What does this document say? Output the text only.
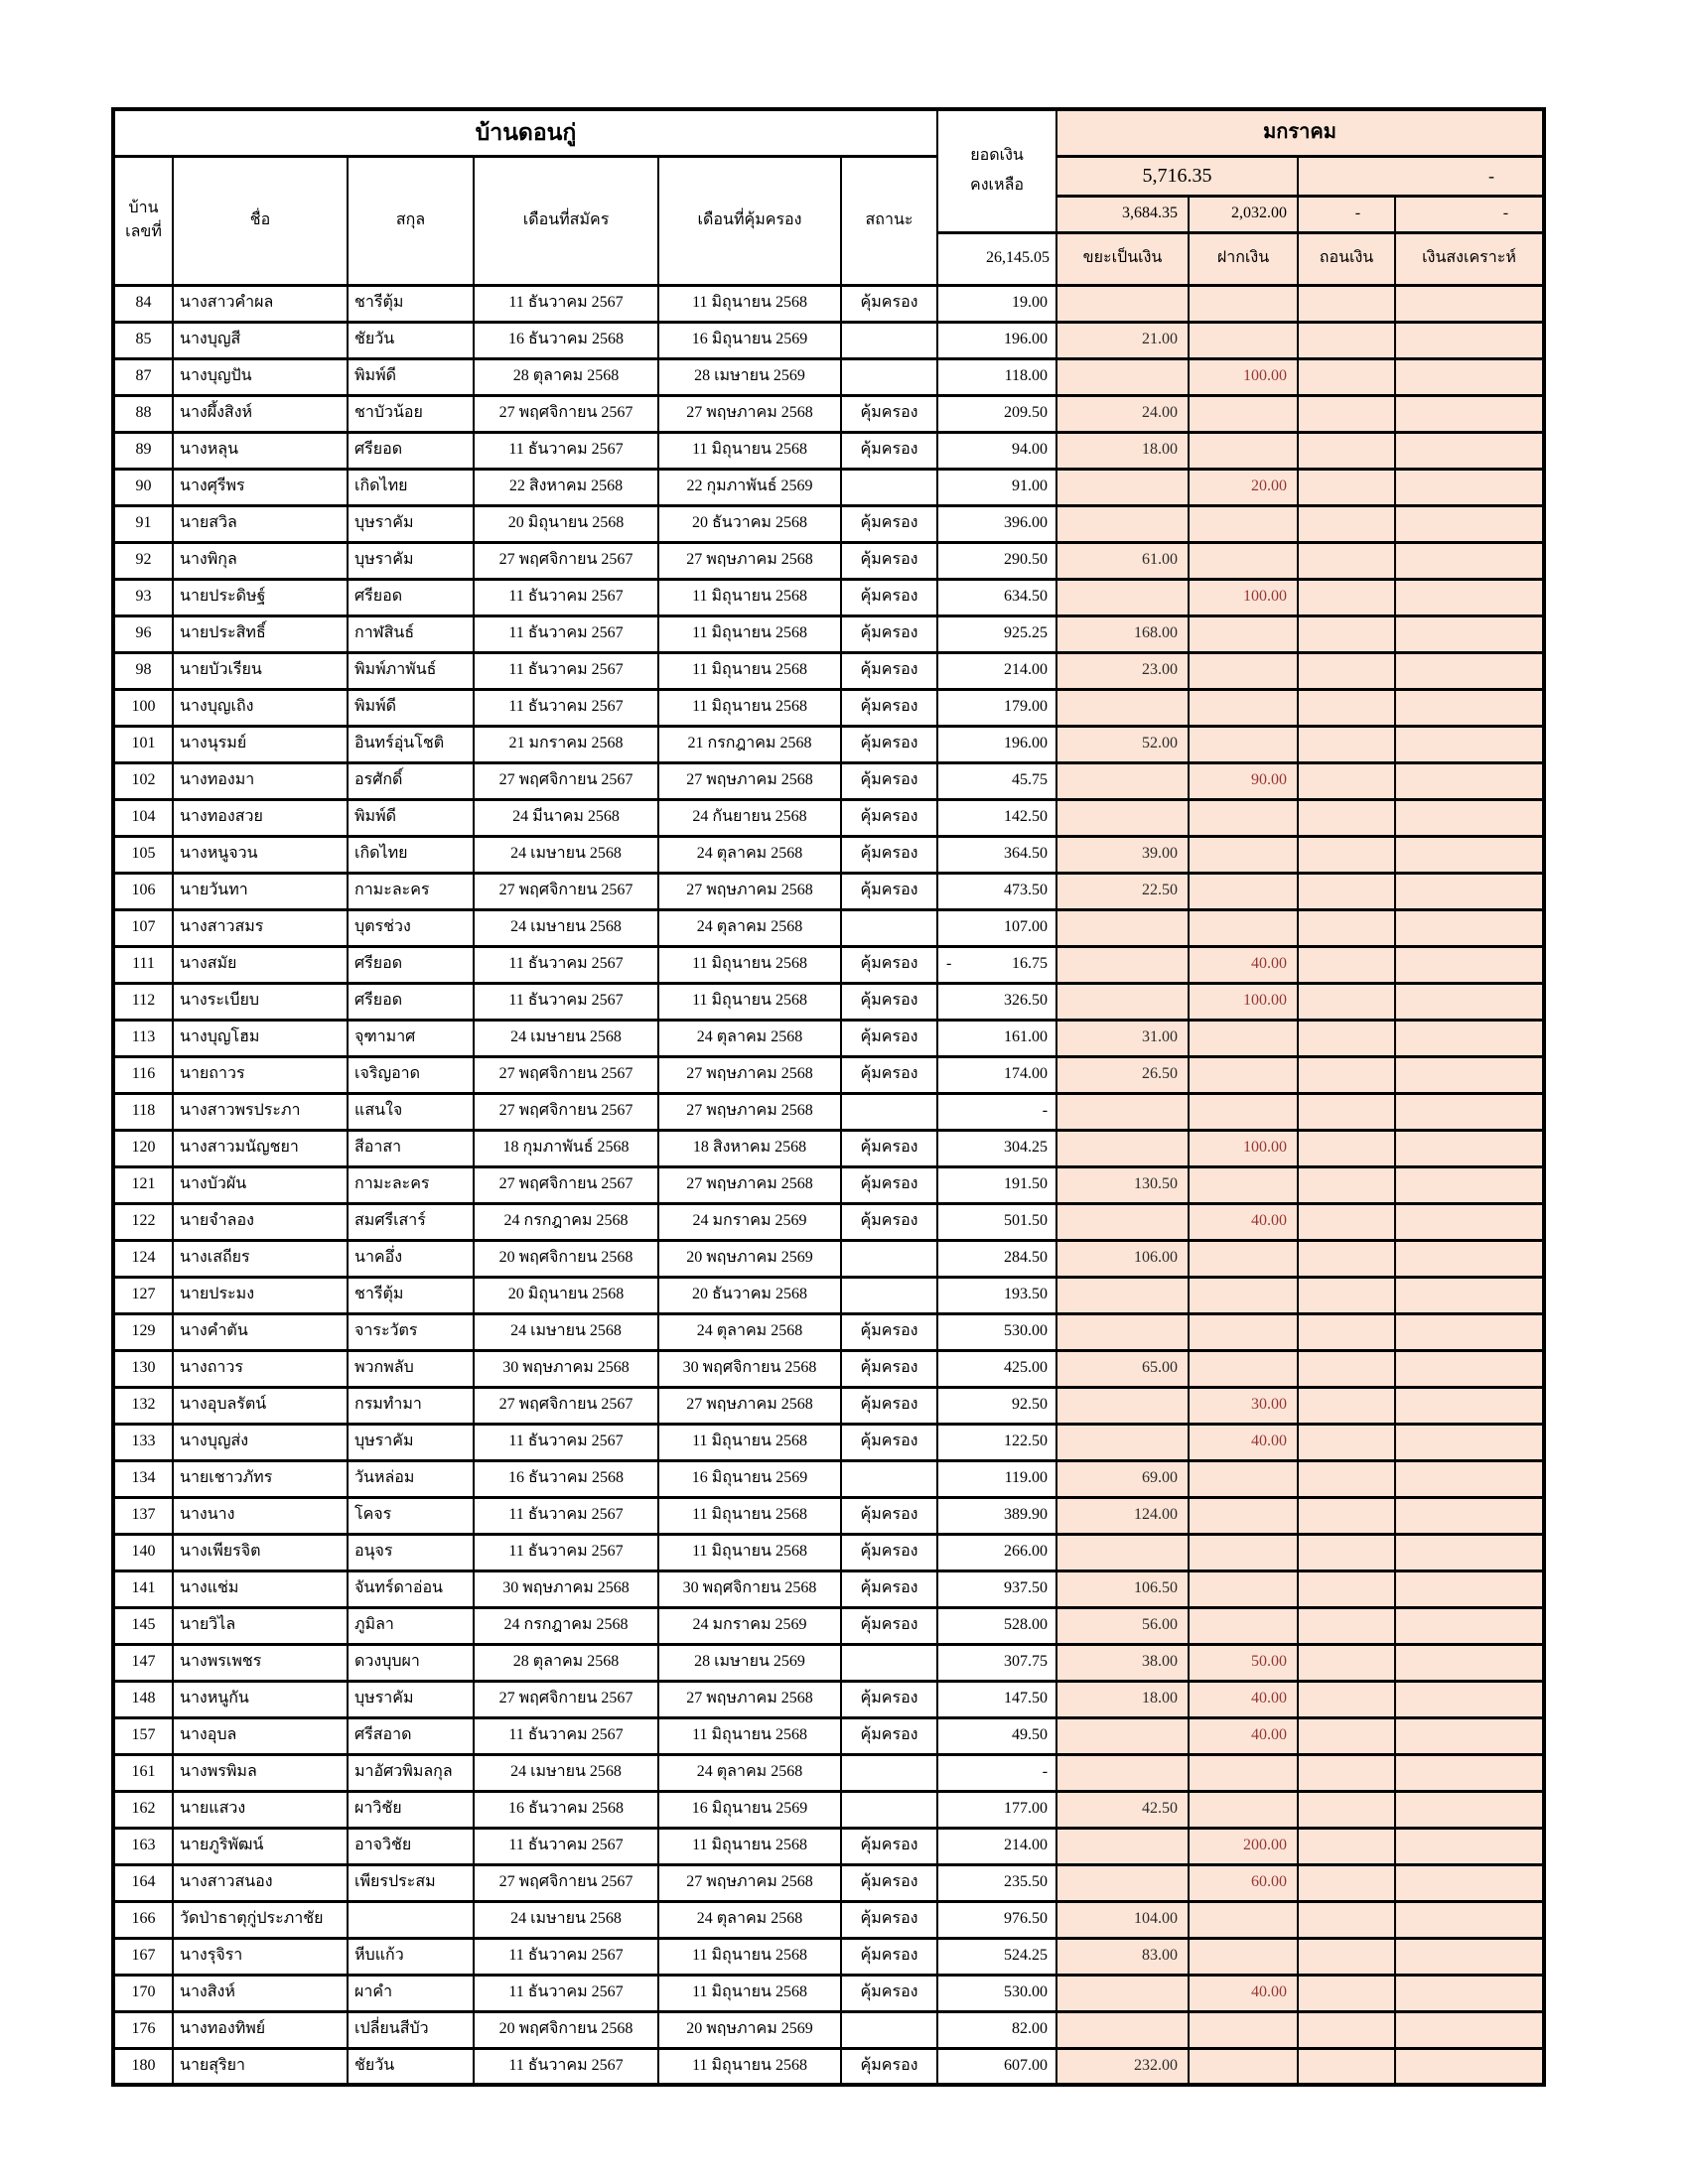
บ้านดอนกู่						ยอดเงิน
คงเหลือ	มกราคม			

บ้าน
เลขที่	ชื่อ	สกุล	เดือนที่สมัคร	เดือนที่คุ้มครอง	สถานะ		5,716.35		-	
							3,684.35	2,032.00	-	-
						26,145.05	ขยะเป็นเงิน	ฝากเงิน	ถอนเงิน	เงินสงเคราะห์
84	นางสาวคำผล	ชารีตุ้ม	11 ธันวาคม 2567	11 มิถุนายน 2568	คุ้มครอง	19.00				
85	นางบุญสี	ชัยวัน	16 ธันวาคม 2568	16 มิถุนายน 2569		196.00	21.00			
87	นางบุญปัน	พิมพ์ดี	28 ตุลาคม 2568	28 เมษายน 2569		118.00		100.00		
88	นางผึ้งสิงห์	ชาบัวน้อย	27 พฤศจิกายน 2567	27 พฤษภาคม 2568	คุ้มครอง	209.50	24.00			
89	นางหลุน	ศรียอด	11 ธันวาคม 2567	11 มิถุนายน 2568	คุ้มครอง	94.00	18.00			
90	นางศุรีพร	เกิดไทย	22 สิงหาคม 2568	22 กุมภาพันธ์ 2569		91.00		20.00		
91	นายสวิล	บุษราคัม	20 มิถุนายน 2568	20 ธันวาคม 2568	คุ้มครอง	396.00				
92	นางพิกุล	บุษราคัม	27 พฤศจิกายน 2567	27 พฤษภาคม 2568	คุ้มครอง	290.50	61.00			
93	นายประดิษฐ์	ศรียอด	11 ธันวาคม 2567	11 มิถุนายน 2568	คุ้มครอง	634.50		100.00		
96	นายประสิทธิ์	กาฬสินธ์	11 ธันวาคม 2567	11 มิถุนายน 2568	คุ้มครอง	925.25	168.00			
98	นายบัวเรียน	พิมพ์ภาพันธ์	11 ธันวาคม 2567	11 มิถุนายน 2568	คุ้มครอง	214.00	23.00			
100	นางบุญเถิง	พิมพ์ดี	11 ธันวาคม 2567	11 มิถุนายน 2568	คุ้มครอง	179.00				
101	นางนุรมย์	อินทร์อุ่นโชติ	21 มกราคม 2568	21 กรกฎาคม 2568	คุ้มครอง	196.00	52.00			
102	นางทองมา	อรศักดิ์	27 พฤศจิกายน 2567	27 พฤษภาคม 2568	คุ้มครอง	45.75		90.00		
104	นางทองสวย	พิมพ์ดี	24 มีนาคม 2568	24 กันยายน 2568	คุ้มครอง	142.50				
105	นางหนูจวน	เกิดไทย	24 เมษายน 2568	24 ตุลาคม 2568	คุ้มครอง	364.50	39.00			
106	นายวันทา	กามะละคร	27 พฤศจิกายน 2567	27 พฤษภาคม 2568	คุ้มครอง	473.50	22.50			
107	นางสาวสมร	บุตรช่วง	24 เมษายน 2568	24 ตุลาคม 2568		107.00				
111	นางสมัย	ศรียอด	11 ธันวาคม 2567	11 มิถุนายน 2568	คุ้มครอง	- 16.75		40.00		
112	นางระเบียบ	ศรียอด	11 ธันวาคม 2567	11 มิถุนายน 2568	คุ้มครอง	326.50		100.00		
113	นางบุญโฮม	จุฑามาศ	24 เมษายน 2568	24 ตุลาคม 2568	คุ้มครอง	161.00	31.00			
116	นายถาวร	เจริญอาด	27 พฤศจิกายน 2567	27 พฤษภาคม 2568	คุ้มครอง	174.00	26.50			
118	นางสาวพรประภา	แสนใจ	27 พฤศจิกายน 2567	27 พฤษภาคม 2568		-				
120	นางสาวมนัญชยา	สีอาสา	18 กุมภาพันธ์ 2568	18 สิงหาคม 2568	คุ้มครอง	304.25		100.00		
121	นางบัวผัน	กามะละคร	27 พฤศจิกายน 2567	27 พฤษภาคม 2568	คุ้มครอง	191.50	130.50			
122	นายจำลอง	สมศรีเสาร์	24 กรกฎาคม 2568	24 มกราคม 2569	คุ้มครอง	501.50		40.00		
124	นางเสถียร	นาคอึ่ง	20 พฤศจิกายน 2568	20 พฤษภาคม 2569		284.50	106.00			
127	นายประมง	ชารีตุ้ม	20 มิถุนายน 2568	20 ธันวาคม 2568		193.50				
129	นางคำตัน	จาระวัตร	24 เมษายน 2568	24 ตุลาคม 2568	คุ้มครอง	530.00				
130	นางถาวร	พวกพลับ	30 พฤษภาคม 2568	30 พฤศจิกายน 2568	คุ้มครอง	425.00	65.00			
132	นางอุบลรัตน์	กรมทำมา	27 พฤศจิกายน 2567	27 พฤษภาคม 2568	คุ้มครอง	92.50		30.00		
133	นางบุญส่ง	บุษราคัม	11 ธันวาคม 2567	11 มิถุนายน 2568	คุ้มครอง	122.50		40.00		
134	นายเชาวภัทร	วันหล่อม	16 ธันวาคม 2568	16 มิถุนายน 2569		119.00	69.00			
137	นางนาง	โคจร	11 ธันวาคม 2567	11 มิถุนายน 2568	คุ้มครอง	389.90	124.00			
140	นางเพียรจิต	อนุจร	11 ธันวาคม 2567	11 มิถุนายน 2568	คุ้มครอง	266.00				
141	นางแช่ม	จันทร์ดาอ่อน	30 พฤษภาคม 2568	30 พฤศจิกายน 2568	คุ้มครอง	937.50	106.50			
145	นายวิไล	ภูมิลา	24 กรกฎาคม 2568	24 มกราคม 2569	คุ้มครอง	528.00	56.00			
147	นางพรเพชร	ดวงบุบผา	28 ตุลาคม 2568	28 เมษายน 2569		307.75	38.00	50.00		
148	นางหนูกัน	บุษราคัม	27 พฤศจิกายน 2567	27 พฤษภาคม 2568	คุ้มครอง	147.50	18.00	40.00		
157	นางอุบล	ศรีสอาด	11 ธันวาคม 2567	11 มิถุนายน 2568	คุ้มครอง	49.50		40.00		
161	นางพรพิมล	มาอัศวพิมลกุล	24 เมษายน 2568	24 ตุลาคม 2568		-				
162	นายแสวง	ผาวิชัย	16 ธันวาคม 2568	16 มิถุนายน 2569		177.00	42.50			
163	นายภูริพัฒน์	อาจวิชัย	11 ธันวาคม 2567	11 มิถุนายน 2568	คุ้มครอง	214.00		200.00		
164	นางสาวสนอง	เพียรประสม	27 พฤศจิกายน 2567	27 พฤษภาคม 2568	คุ้มครอง	235.50		60.00		
166	วัดป่าธาตุกู่ประภาชัย		24 เมษายน 2568	24 ตุลาคม 2568	คุ้มครอง	976.50	104.00			
167	นางรุจิรา	หีบแก้ว	11 ธันวาคม 2567	11 มิถุนายน 2568	คุ้มครอง	524.25	83.00			
170	นางสิงห์	ผาคำ	11 ธันวาคม 2567	11 มิถุนายน 2568	คุ้มครอง	530.00		40.00		
176	นางทองทิพย์	เปลี่ยนสีบัว	20 พฤศจิกายน 2568	20 พฤษภาคม 2569		82.00				
180	นายสุริยา	ชัยวัน	11 ธันวาคม 2567	11 มิถุนายน 2568	คุ้มครอง	607.00	232.00			
